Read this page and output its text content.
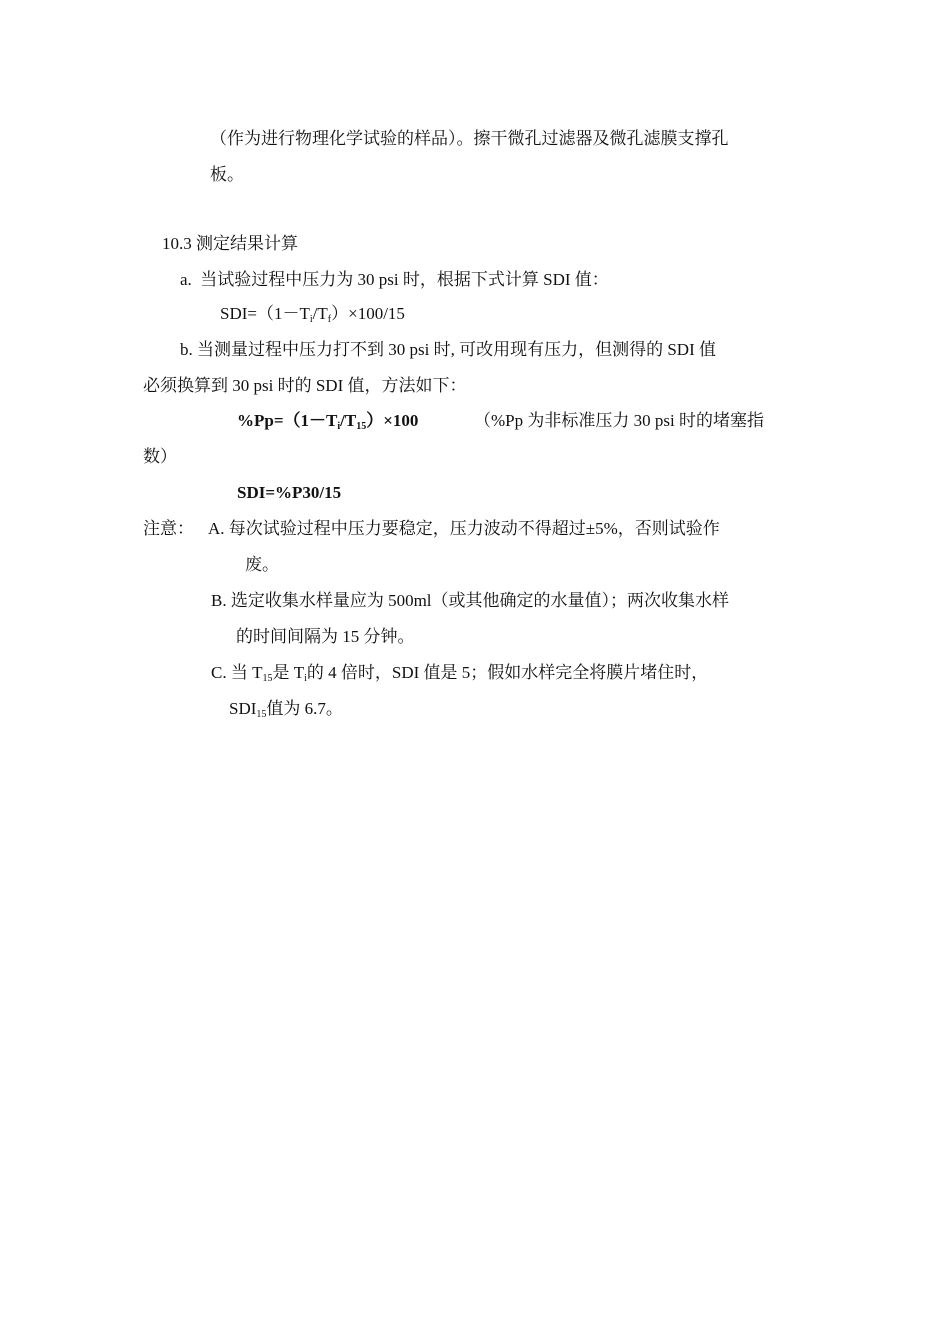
（作为进行物理化学试验的样品）。擦干微孔过滤器及微孔滤膜支撑孔
板。
10.3 测定结果计算
a. 当试验过程中压力为 30 psi 时，根据下式计算 SDI 值：
$SDI=(1-T_i/T_f)\times 100/15$
b. 当测量过程中压力打不到 30 psi 时, 可改用现有压力，但测得的 SDI 值
必须换算到 30 psi 时的 SDI 值，方法如下：
$\%Pp=(1-T_i/T_{15})\times 100$	（%Pp 为非标准压力 30 psi 时的堵塞指
数）
SDI=%P30/15
注意： A. 每次试验过程中压力要稳定，压力波动不得超过±5%，否则试验作
废。
B. 选定收集水样量应为 500ml（或其他确定的水量值）；两次收集水样
的时间间隔为 15 分钟。
C. 当 $T_{15}$是 $T_i$的 4 倍时，SDI 值是 5；假如水样完全将膜片堵住时，
$SDI_{15}$值为 6.7。
